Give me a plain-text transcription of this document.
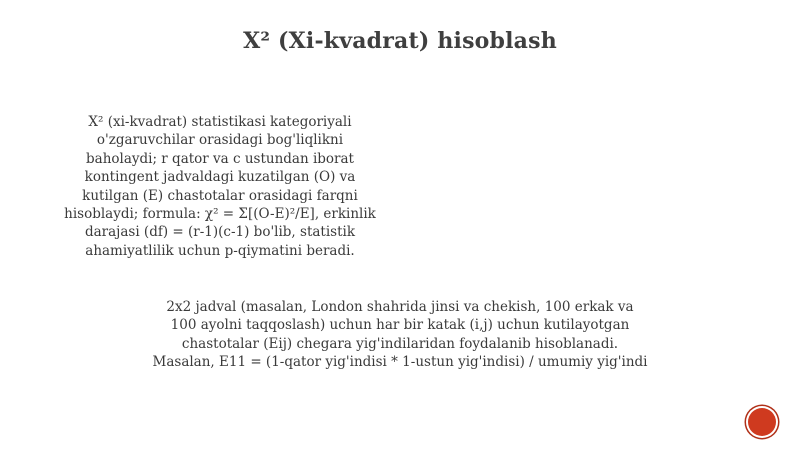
X² (Xi-kvadrat) hisoblash

X² (xi-kvadrat) statistikasi kategoriyali
o'zgaruvchilar orasidagi bog'liqlikni
baholaydi; r qator va c ustundan iborat
kontingent jadvaldagi kuzatilgan (O) va
kutilgan (E) chastotalar orasidagi farqni
hisoblaydi; formula: χ² = Σ[(O-E)²/E], erkinlik
darajasi (df) = (r-1)(c-1) bo'lib, statistik
ahamiyatlilik uchun p-qiymatini beradi.

2x2 jadval (masalan, London shahrida jinsi va chekish, 100 erkak va
100 ayolni taqqoslash) uchun har bir katak (i,j) uchun kutilayotgan
chastotalar (Eij) chegara yig'indilaridan foydalanib hisoblanadi.
Masalan, E11 = (1-qator yig'indisi * 1-ustun yig'indisi) / umumiy yig'indi
